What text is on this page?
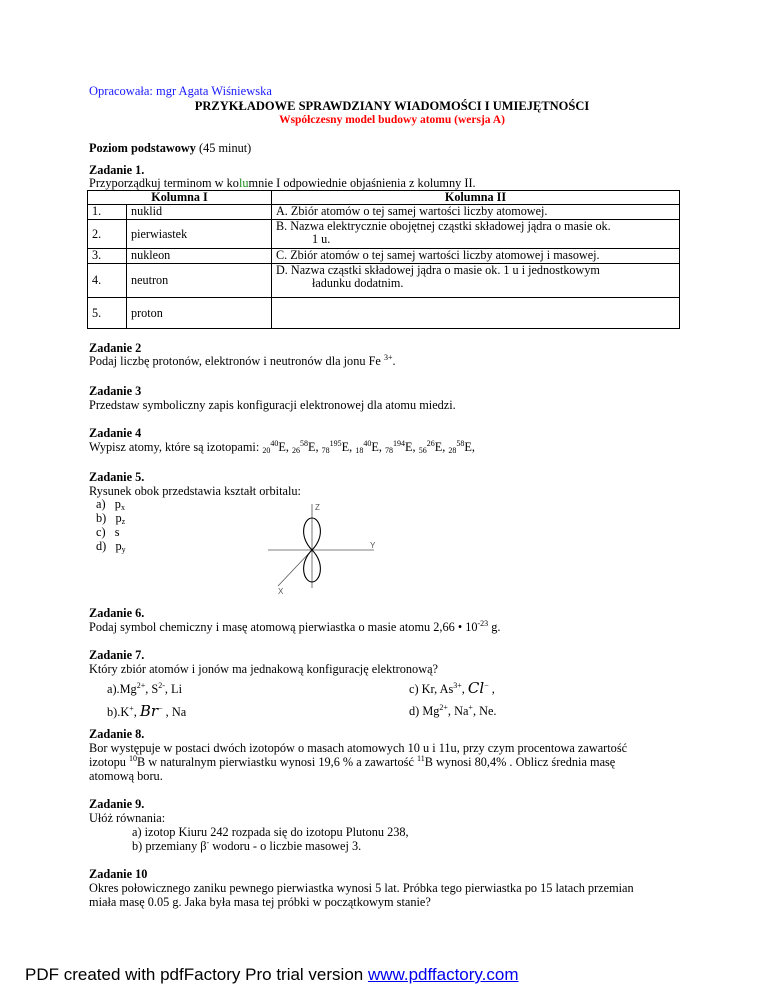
Opracowała: mgr Agata Wiśniewska
PRZYKŁADOWE SPRAWDZIANY WIADOMOŚCI I UMIEJĘTNOŚCI
Współczesny model budowy atomu (wersja A)
Poziom podstawowy (45 minut)
Zadanie 1.
Przyporządkuj terminom w kolumnie I odpowiednie objaśnienia z kolumny II.
Kolumna I		Kolumna II
1.	nuklid	A. Zbiór atomów o tej samej wartości liczby atomowej.
2.	pierwiastek	B. Nazwa elektrycznie obojętnej cząstki składowej jądra o masie ok.
1 u.

3.	nukleon	C. Zbiór atomów o tej samej wartości liczby atomowej i masowej.
4.	neutron	D. Nazwa cząstki składowej jądra o masie ok. 1 u i jednostkowym
ładunku dodatnim.

5.	proton	
Zadanie 2
Podaj liczbę protonów, elektronów i neutronów dla jonu Fe $^{3+}$.
Zadanie 3
Przedstaw symboliczny zapis konfiguracji elektronowej dla atomu miedzi.
Zadanie 4
Wypisz atomy, które są izotopami: $_{20}^{40}$E, $_{26}^{58}$E, $_{78}^{195}$E, $_{18}^{40}$E, $_{78}^{194}$E, $_{56}^{26}$E, $_{28}^{58}$E,
Zadanie 5.
Rysunek obok przedstawia kształt orbitalu:
a) $p_x$
b) $p_z$
c) s
d) $p_y$
Z
Y
X
Zadanie 6.
Podaj symbol chemiczny i masę atomową pierwiastka o masie atomu 2,66 • $10^{-23}$ g.
Zadanie 7.
Który zbiór atomów i jonów ma jednakową konfigurację elektronową?
$a).Mg^{2+}$, $S^{2-}$, Li	c) Kr, $As^{3+}$, Cl− ,
b).K+, Br− , Na	d) $Mg^{2+}$, Na+, Ne.
Zadanie 8.
Bor występuje w postaci dwóch izotopów o masach atomowych 10 u i 11u, przy czym procentowa zawartość
izotopu $^{10}$B w naturalnym pierwiastku wynosi 19,6 % a zawartość $^{11}$B wynosi 80,4% . Oblicz średnia masę
atomową boru.
Zadanie 9.
Ułóż równania:
a) izotop Kiuru 242 rozpada się do izotopu Plutonu 238,
b) przemiany β- wodoru - o liczbie masowej 3.
Zadanie 10
Okres połowicznego zaniku pewnego pierwiastka wynosi 5 lat. Próbka tego pierwiastka po 15 latach przemian
miała masę 0.05 g. Jaka była masa tej próbki w początkowym stanie?
PDF created with pdfFactory Pro trial version www.pdffactory.com
